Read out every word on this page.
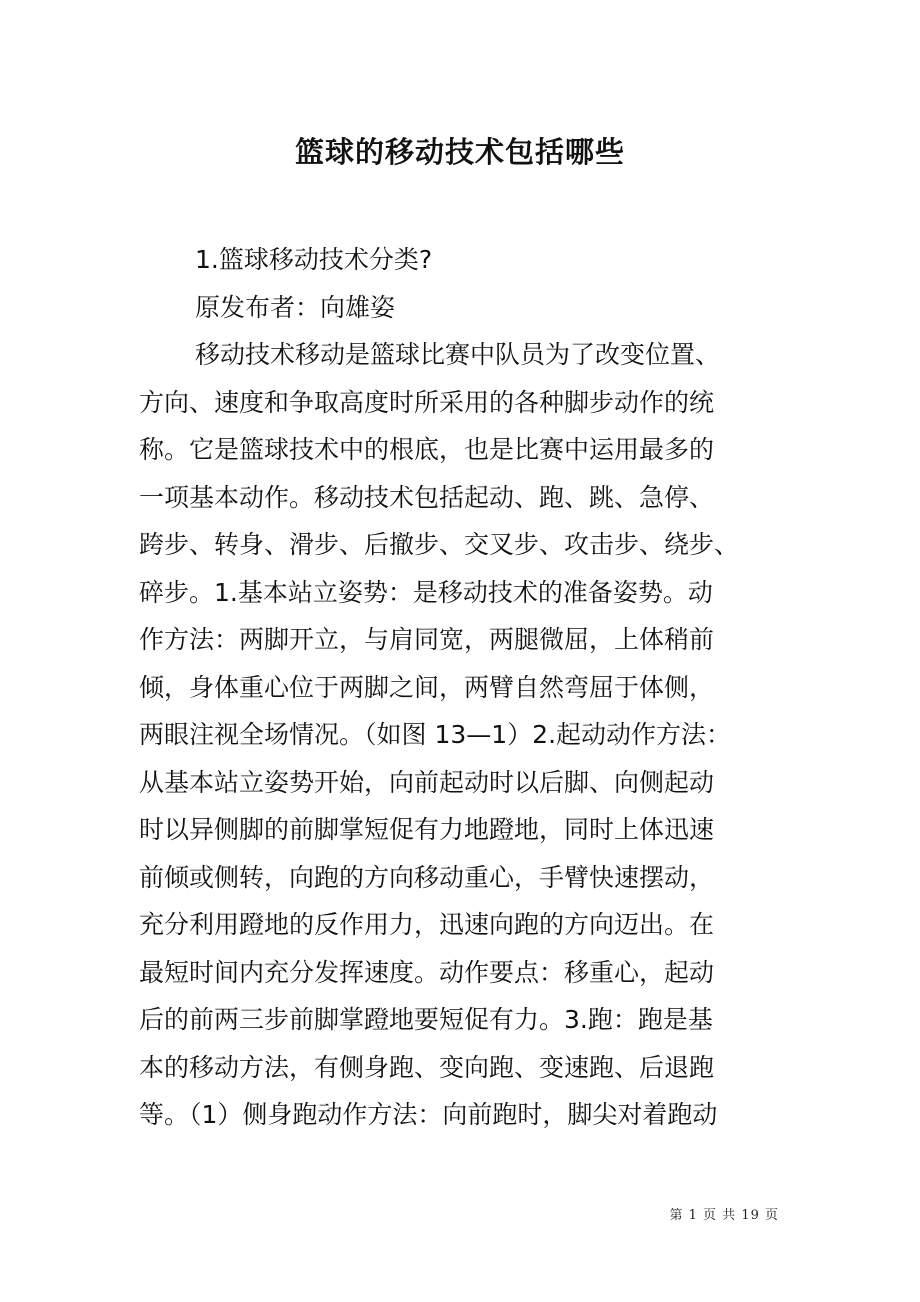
篮球的移动技术包括哪些
1.篮球移动技术分类?
原发布者：向雄姿
移动技术移动是篮球比赛中队员为了改变位置、
方向、速度和争取高度时所采用的各种脚步动作的统
称。它是篮球技术中的根底，也是比赛中运用最多的
一项基本动作。移动技术包括起动、跑、跳、急停、
跨步、转身、滑步、后撤步、交叉步、攻击步、绕步、
碎步。1.基本站立姿势：是移动技术的准备姿势。动
作方法：两脚开立，与肩同宽，两腿微屈，上体稍前
倾，身体重心位于两脚之间，两臂自然弯屈于体侧，
两眼注视全场情况。（如图 13—1）2.起动动作方法：
从基本站立姿势开始，向前起动时以后脚、向侧起动
时以异侧脚的前脚掌短促有力地蹬地，同时上体迅速
前倾或侧转，向跑的方向移动重心，手臂快速摆动，
充分利用蹬地的反作用力，迅速向跑的方向迈出。在
最短时间内充分发挥速度。动作要点：移重心，起动
后的前两三步前脚掌蹬地要短促有力。3.跑：跑是基
本的移动方法，有侧身跑、变向跑、变速跑、后退跑
等。（1）侧身跑动作方法：向前跑时，脚尖对着跑动
第 1 页 共 19 页
